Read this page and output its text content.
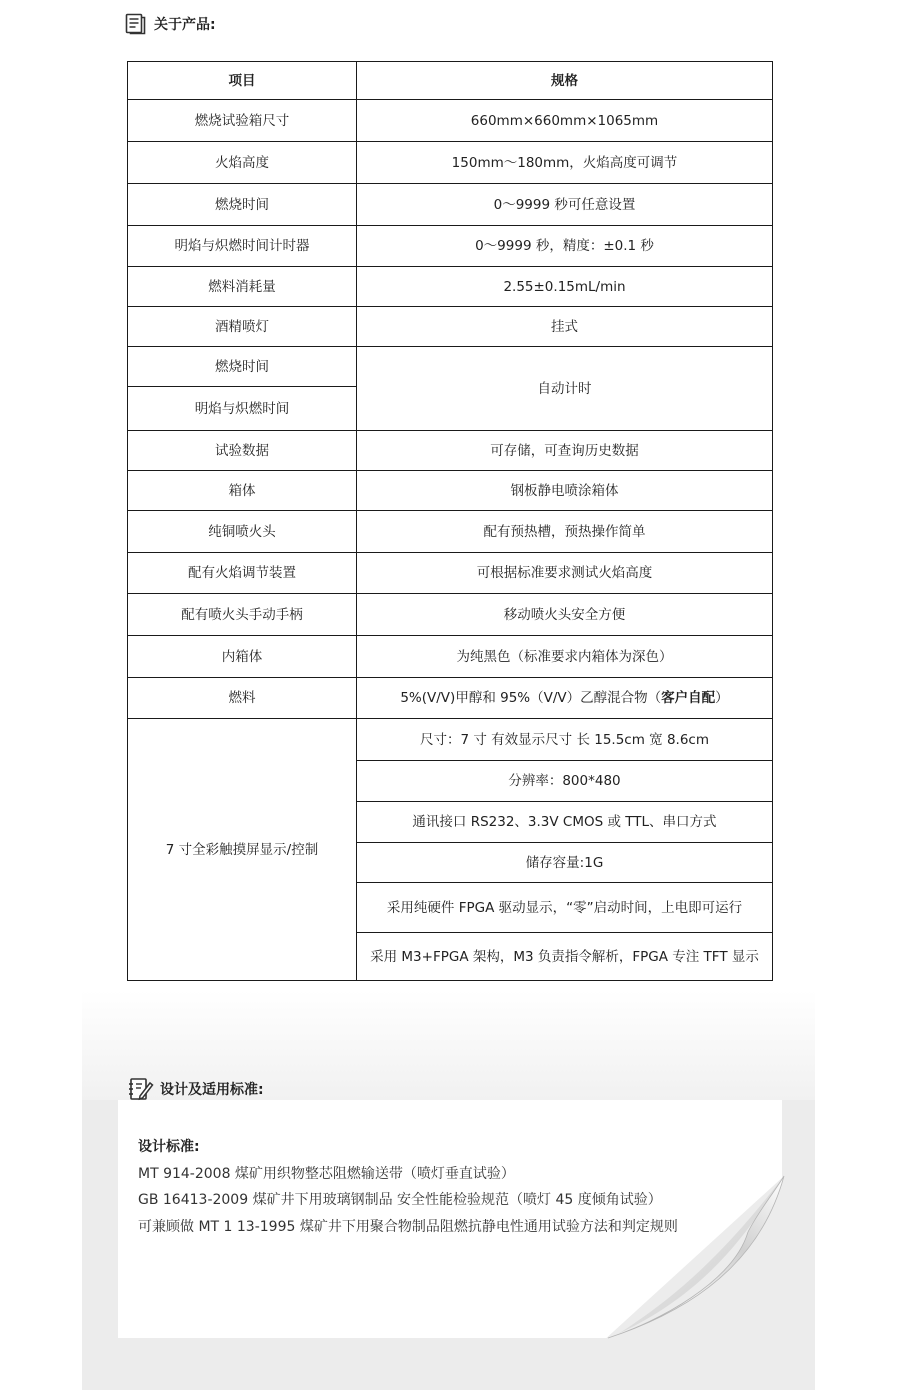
关于产品:
项目	规格
燃烧试验箱尺寸	660mm×660mm×1065mm
火焰高度	150mm～180mm，火焰高度可调节
燃烧时间	0～9999 秒可任意设置
明焰与炽燃时间计时器	0～9999 秒，精度：±0.1 秒
燃料消耗量	2.55±0.15mL/min
酒精喷灯	挂式
燃烧时间	自动计时
明焰与炽燃时间	
试验数据	可存储，可查询历史数据
箱体	钢板静电喷涂箱体
纯铜喷火头	配有预热槽，预热操作简单
配有火焰调节装置	可根据标准要求测试火焰高度
配有喷火头手动手柄	移动喷火头安全方便
内箱体	为纯黑色（标准要求内箱体为深色）
燃料	5%(V/V)甲醇和 95%（V/V）乙醇混合物（客户自配）
7 寸全彩触摸屏显示/控制	尺寸：7 寸 有效显示尺寸 长 15.5cm 宽 8.6cm
	分辨率：800*480
	通讯接口 RS232、3.3V CMOS 或 TTL、串口方式
	储存容量:1G
	采用纯硬件 FPGA 驱动显示，“零”启动时间，上电即可运行
	采用 M3+FPGA 架构，M3 负责指令解析，FPGA 专注 TFT 显示
设计及适用标准:
设计标准:
MT 914-2008 煤矿用织物整芯阻燃输送带（喷灯垂直试验）
GB 16413-2009 煤矿井下用玻璃钢制品 安全性能检验规范（喷灯 45 度倾角试验）
可兼顾做 MT 1 13-1995 煤矿井下用聚合物制品阻燃抗静电性通用试验方法和判定规则
